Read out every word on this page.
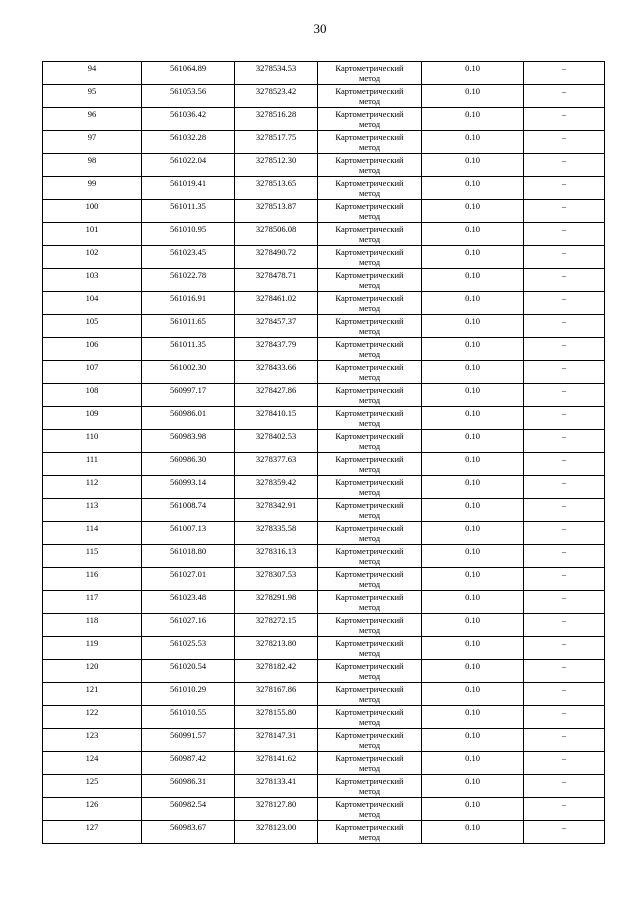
30
94	561064.89	3278534.53	Картометрический
метод	0.10	–
95	561053.56	3278523.42	Картометрический
метод	0.10	–
96	561036.42	3278516.28	Картометрический
метод	0.10	–
97	561032.28	3278517.75	Картометрический
метод	0.10	–
98	561022.04	3278512.30	Картометрический
метод	0.10	–
99	561019.41	3278513.65	Картометрический
метод	0.10	–
100	561011.35	3278513.87	Картометрический
метод	0.10	–
101	561010.95	3278506.08	Картометрический
метод	0.10	–
102	561023.45	3278490.72	Картометрический
метод	0.10	–
103	561022.78	3278478.71	Картометрический
метод	0.10	–
104	561016.91	3278461.02	Картометрический
метод	0.10	–
105	561011.65	3278457.37	Картометрический
метод	0.10	–
106	561011.35	3278437.79	Картометрический
метод	0.10	–
107	561002.30	3278433.66	Картометрический
метод	0.10	–
108	560997.17	3278427.86	Картометрический
метод	0.10	–
109	560986.01	3278410.15	Картометрический
метод	0.10	–
110	560983.98	3278402.53	Картометрический
метод	0.10	–
111	560986.30	3278377.63	Картометрический
метод	0.10	–
112	560993.14	3278359.42	Картометрический
метод	0.10	–
113	561008.74	3278342.91	Картометрический
метод	0.10	–
114	561007.13	3278335.58	Картометрический
метод	0.10	–
115	561018.80	3278316.13	Картометрический
метод	0.10	–
116	561027.01	3278307.53	Картометрический
метод	0.10	–
117	561023.48	3278291.98	Картометрический
метод	0.10	–
118	561027.16	3278272.15	Картометрический
метод	0.10	–
119	561025.53	3278213.80	Картометрический
метод	0.10	–
120	561020.54	3278182.42	Картометрический
метод	0.10	–
121	561010.29	3278167.86	Картометрический
метод	0.10	–
122	561010.55	3278155.80	Картометрический
метод	0.10	–
123	560991.57	3278147.31	Картометрический
метод	0.10	–
124	560987.42	3278141.62	Картометрический
метод	0.10	–
125	560986.31	3278133.41	Картометрический
метод	0.10	–
126	560982.54	3278127.80	Картометрический
метод	0.10	–
127	560983.67	3278123.00	Картометрический
метод	0.10	–
